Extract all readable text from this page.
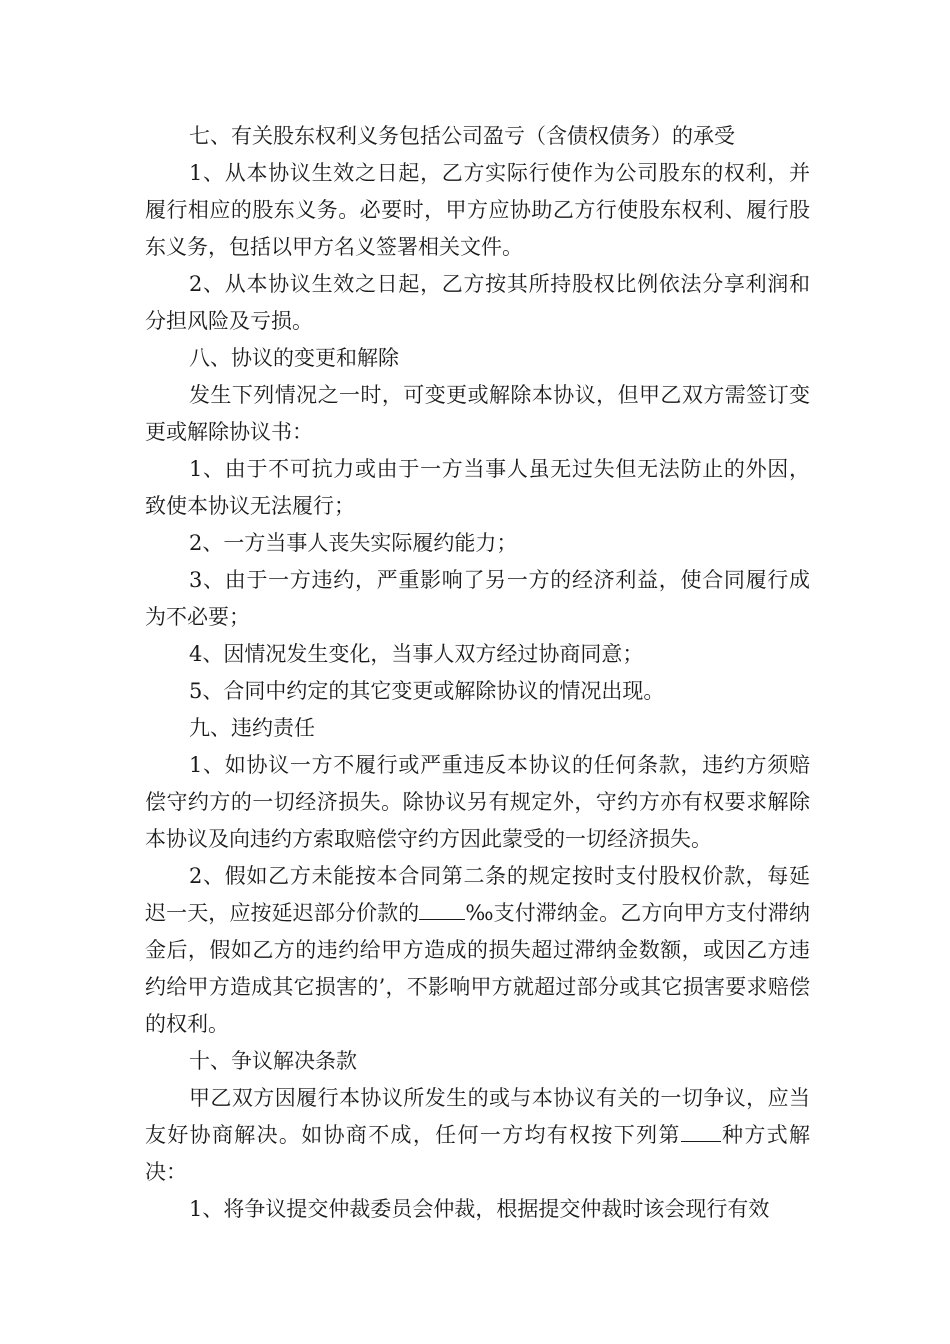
七、有关股东权利义务包括公司盈亏（含债权债务）的承受

1、从本协议生效之日起，乙方实际行使作为公司股东的权利，并履行相应的股东义务。必要时，甲方应协助乙方行使股东权利、履行股东义务，包括以甲方名义签署相关文件。

2、从本协议生效之日起，乙方按其所持股权比例依法分享利润和分担风险及亏损。

八、协议的变更和解除

发生下列情况之一时，可变更或解除本协议，但甲乙双方需签订变更或解除协议书：

1、由于不可抗力或由于一方当事人虽无过失但无法防止的外因，致使本协议无法履行；

2、一方当事人丧失实际履约能力；

3、由于一方违约，严重影响了另一方的经济利益，使合同履行成为不必要；

4、因情况发生变化，当事人双方经过协商同意；

5、合同中约定的其它变更或解除协议的情况出现。

九、违约责任

1、如协议一方不履行或严重违反本协议的任何条款，违约方须赔偿守约方的一切经济损失。除协议另有规定外，守约方亦有权要求解除本协议及向违约方索取赔偿守约方因此蒙受的一切经济损失。

2、假如乙方未能按本合同第二条的规定按时支付股权价款，每延迟一天，应按延迟部分价款的 ‰支付滞纳金。乙方向甲方支付滞纳金后，假如乙方的违约给甲方造成的损失超过滞纳金数额，或因乙方违约给甲方造成其它损害的’，不影响甲方就超过部分或其它损害要求赔偿的权利。

十、争议解决条款

甲乙双方因履行本协议所发生的或与本协议有关的一切争议，应当友好协商解决。如协商不成，任何一方均有权按下列第 种方式解决：

1、将争议提交仲裁委员会仲裁，根据提交仲裁时该会现行有效
